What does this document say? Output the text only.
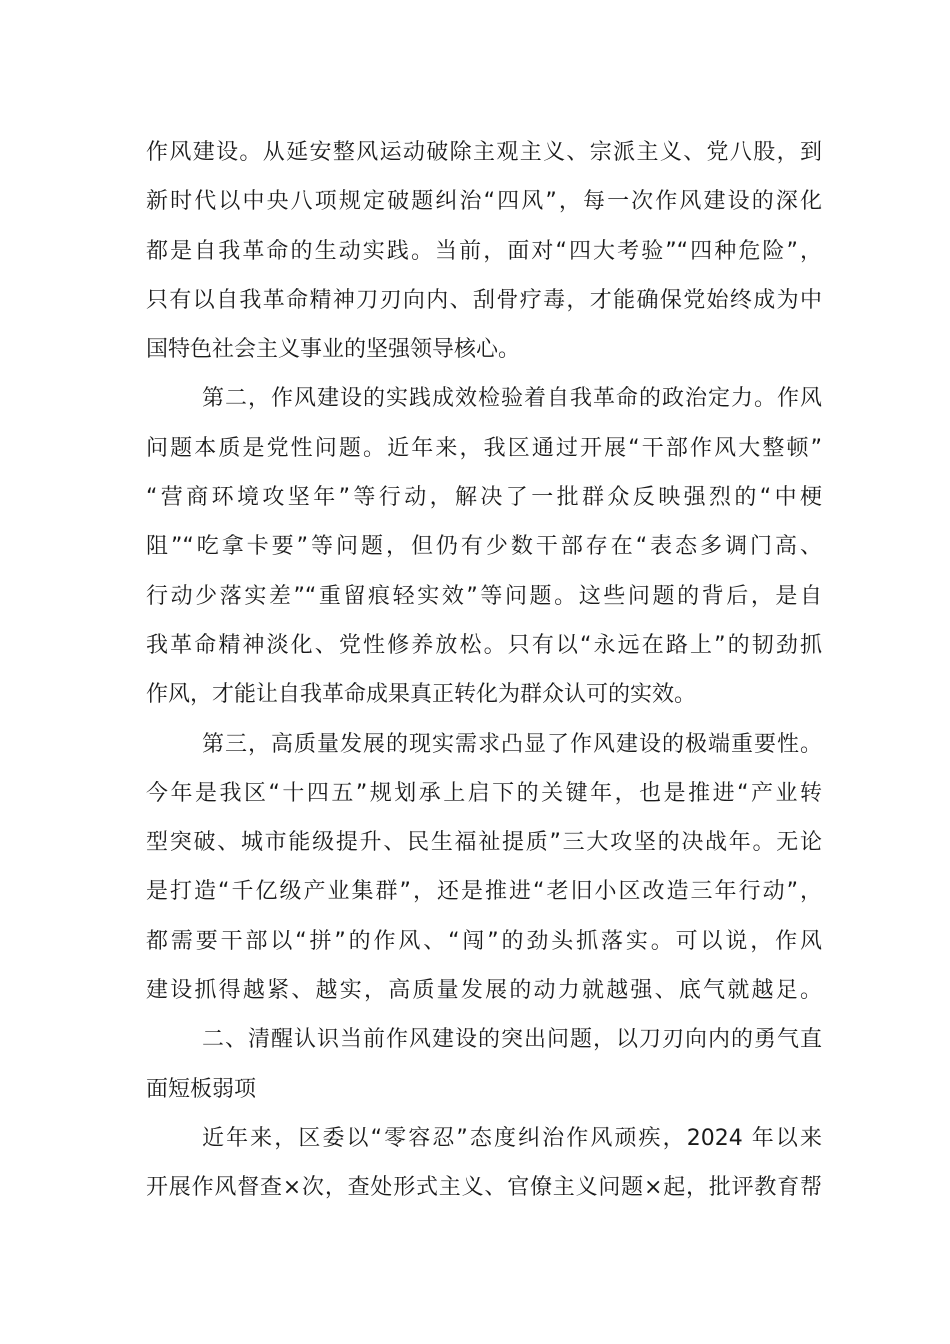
作风建设。从延安整风运动破除主观主义、宗派主义、党八股，到
新时代以中央八项规定破题纠治“四风”，每一次作风建设的深化
都是自我革命的生动实践。当前，面对“四大考验”“四种危险”，
只有以自我革命精神刀刃向内、刮骨疗毒，才能确保党始终成为中
国特色社会主义事业的坚强领导核心。
第二，作风建设的实践成效检验着自我革命的政治定力。作风
问题本质是党性问题。近年来，我区通过开展“干部作风大整顿”
“营商环境攻坚年”等行动，解决了一批群众反映强烈的“中梗
阻”“吃拿卡要”等问题，但仍有少数干部存在“表态多调门高、
行动少落实差”“重留痕轻实效”等问题。这些问题的背后，是自
我革命精神淡化、党性修养放松。只有以“永远在路上”的韧劲抓
作风，才能让自我革命成果真正转化为群众认可的实效。
第三，高质量发展的现实需求凸显了作风建设的极端重要性。
今年是我区“十四五”规划承上启下的关键年，也是推进“产业转
型突破、城市能级提升、民生福祉提质”三大攻坚的决战年。无论
是打造“千亿级产业集群”，还是推进“老旧小区改造三年行动”，
都需要干部以“拼”的作风、“闯”的劲头抓落实。可以说，作风
建设抓得越紧、越实，高质量发展的动力就越强、底气就越足。
二、清醒认识当前作风建设的突出问题，以刀刃向内的勇气直
面短板弱项
近年来，区委以“零容忍”态度纠治作风顽疾，2024 年以来
开展作风督查×次，查处形式主义、官僚主义问题×起，批评教育帮
